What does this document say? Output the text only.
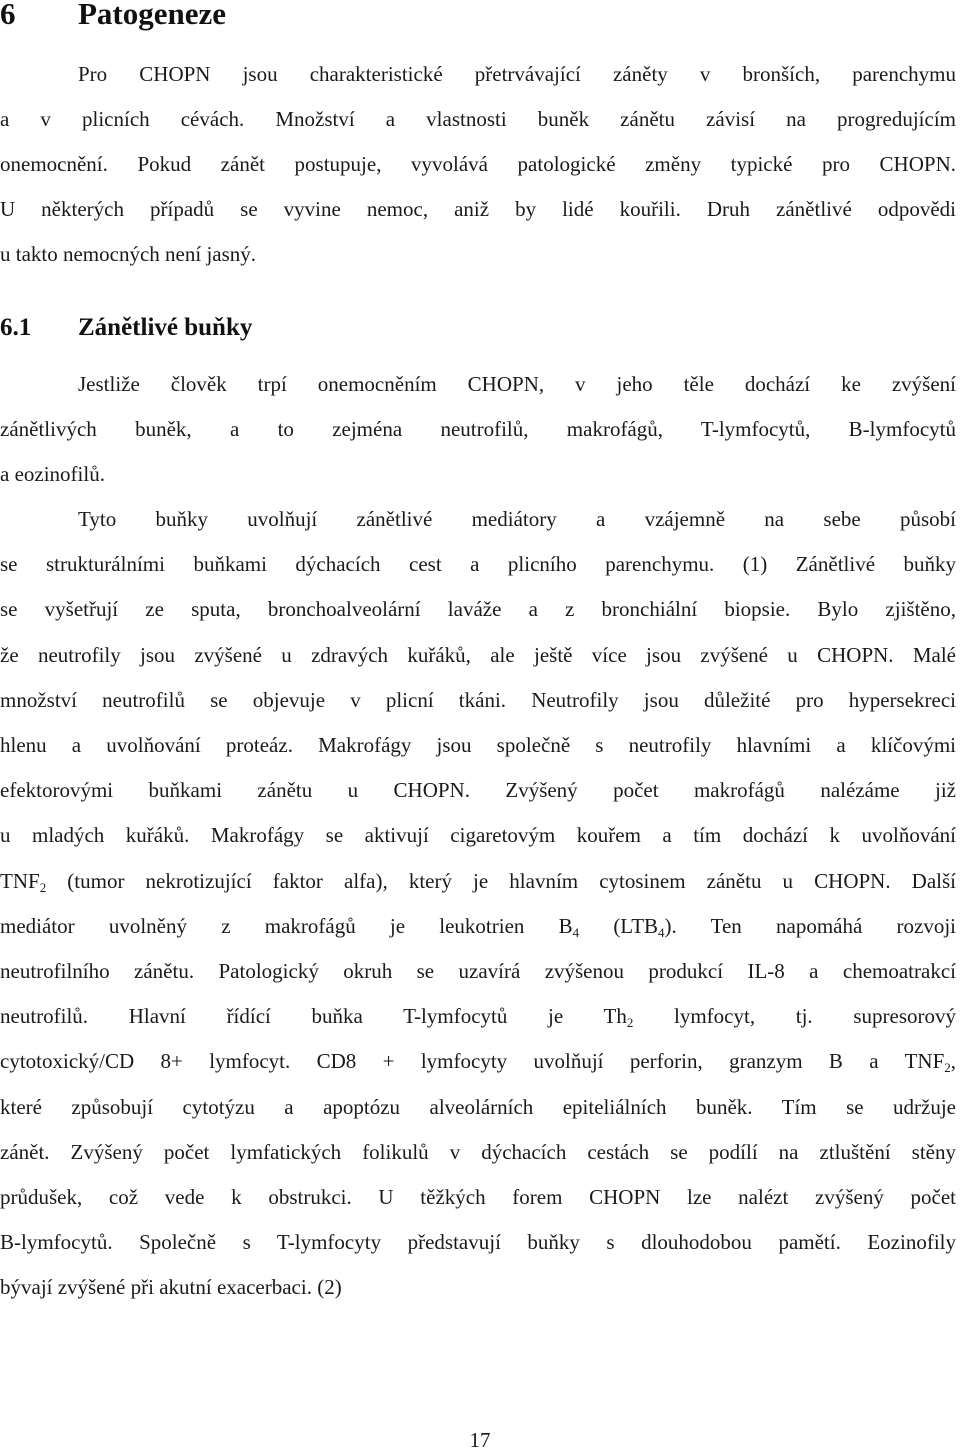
6 Patogeneze
Pro CHOPN jsou charakteristické přetrvávající záněty v bronších, parenchymu
a v plicních cévách. Množství a vlastnosti buněk zánětu závisí na progredujícím
onemocnění. Pokud zánět postupuje, vyvolává patologické změny typické pro CHOPN.
U některých případů se vyvine nemoc, aniž by lidé kouřili. Druh zánětlivé odpovědi
u takto nemocných není jasný.
6.1 Zánětlivé buňky
Jestliže člověk trpí onemocněním CHOPN, v jeho těle dochází ke zvýšení
zánětlivých buněk, a to zejména neutrofilů, makrofágů, T-lymfocytů, B-lymfocytů
a eozinofilů.
Tyto buňky uvolňují zánětlivé mediátory a vzájemně na sebe působí
se strukturálními buňkami dýchacích cest a plicního parenchymu. (1) Zánětlivé buňky
se vyšetřují ze sputa, bronchoalveolární laváže a z bronchiální biopsie. Bylo zjištěno,
že neutrofily jsou zvýšené u zdravých kuřáků, ale ještě více jsou zvýšené u CHOPN. Malé
množství neutrofilů se objevuje v plicní tkáni. Neutrofily jsou důležité pro hypersekreci
hlenu a uvolňování proteáz. Makrofágy jsou společně s neutrofily hlavními a klíčovými
efektorovými buňkami zánětu u CHOPN. Zvýšený počet makrofágů nalézáme již
u mladých kuřáků. Makrofágy se aktivují cigaretovým kouřem a tím dochází k uvolňování
$TNF_2$ (tumor nekrotizující faktor alfa), který je hlavním cytosinem zánětu u CHOPN. Další
mediátor uvolněný z makrofágů je leukotrien $B_4$ $(LTB_4)$. Ten napomáhá rozvoji
neutrofilního zánětu. Patologický okruh se uzavírá zvýšenou produkcí IL-8 a chemoatrakcí
neutrofilů. Hlavní řídící buňka T-lymfocytů je $Th_2$ lymfocyt, tj. supresorový
cytotoxický/CD 8+ lymfocyt. CD8 + lymfocyty uvolňují perforin, granzym B a $TNF_2$,
které způsobují cytotýzu a apoptózu alveolárních epiteliálních buněk. Tím se udržuje
zánět. Zvýšený počet lymfatických folikulů v dýchacích cestách se podílí na ztluštění stěny
průdušek, což vede k obstrukci. U těžkých forem CHOPN lze nalézt zvýšený počet
B-lymfocytů. Společně s T-lymfocyty představují buňky s dlouhodobou pamětí. Eozinofily
bývají zvýšené při akutní exacerbaci. (2)
17
